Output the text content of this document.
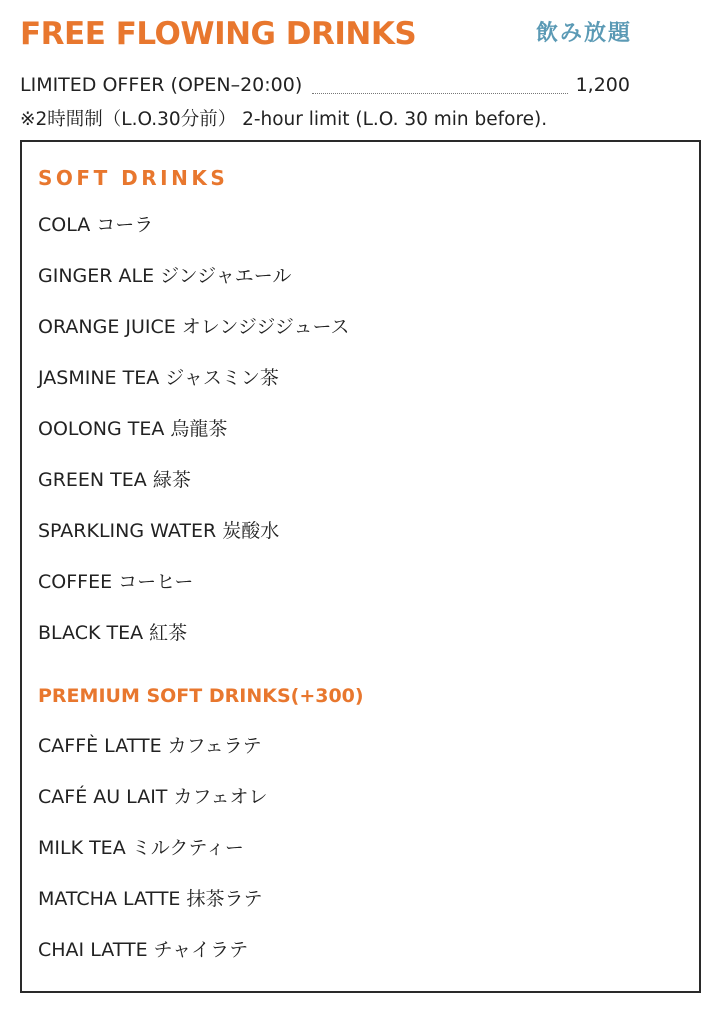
FREE FLOWING DRINKS	飲み放題
LIMITED OFFER (OPEN–20:00)	1,200
※2時間制（L.O.30分前） 2-hour limit (L.O. 30 min before).
SOFT DRINKS
COLA コーラ
GINGER ALE ジンジャエール
ORANGE JUICE オレンジジジュース
JASMINE TEA ジャスミン茶
OOLONG TEA 烏龍茶
GREEN TEA 緑茶
SPARKLING WATER 炭酸水
COFFEE コーヒー
BLACK TEA 紅茶
PREMIUM SOFT DRINKS(+300)
CAFFÈ LATTE カフェラテ
CAFÉ AU LAIT カフェオレ
MILK TEA ミルクティー
MATCHA LATTE 抹茶ラテ
CHAI LATTE チャイラテ
